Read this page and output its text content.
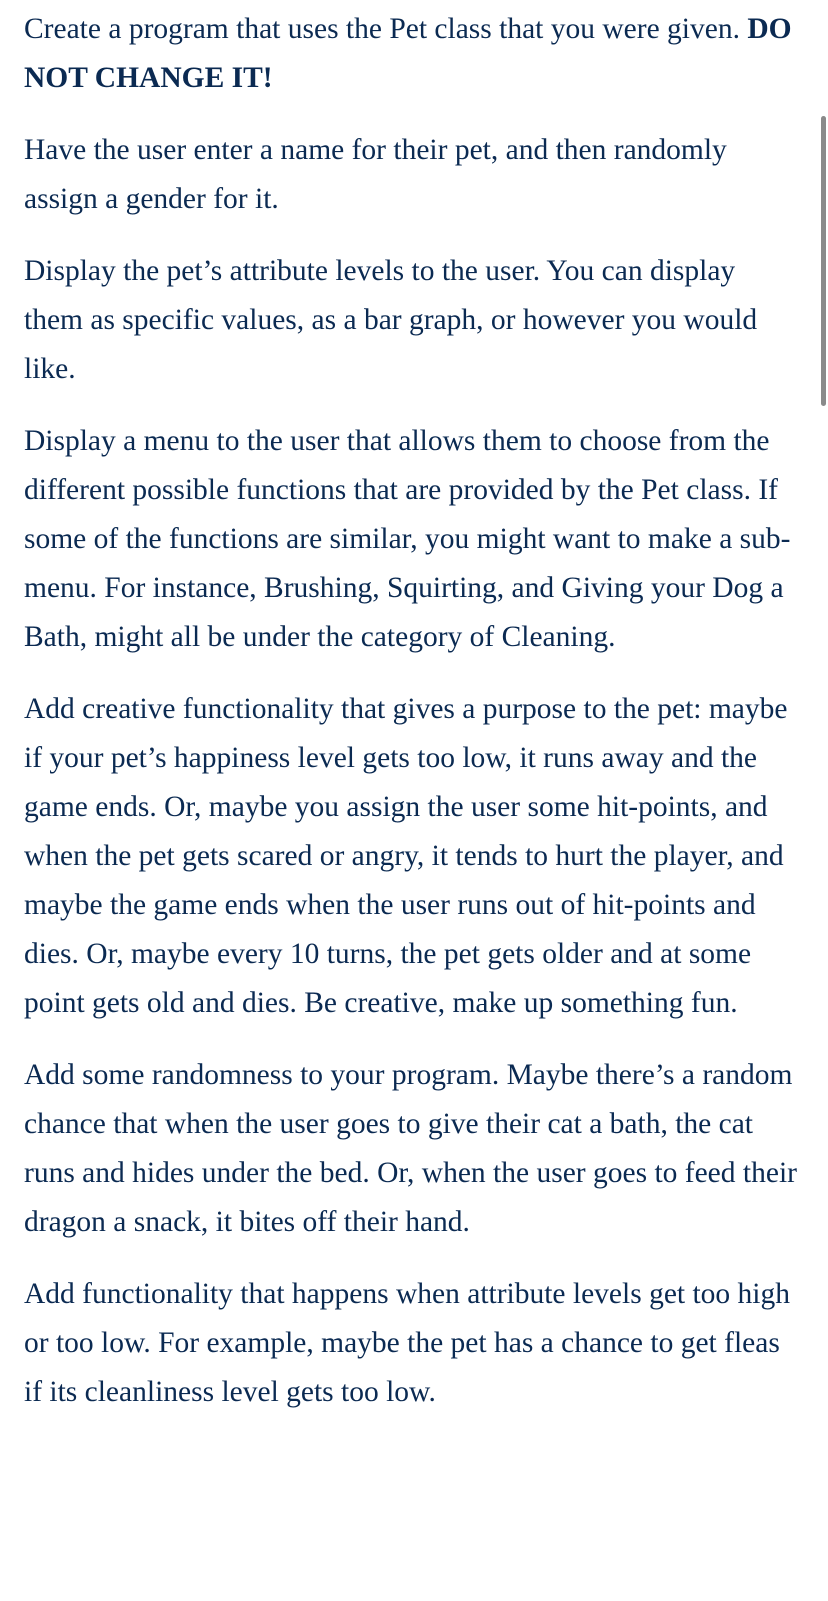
Create a program that uses the Pet class that you were given. DO NOT CHANGE IT!

Have the user enter a name for their pet, and then randomly assign a gender for it.

Display the pet’s attribute levels to the user. You can display them as specific values, as a bar graph, or however you would like.

Display a menu to the user that allows them to choose from the different possible functions that are provided by the Pet class. If some of the functions are similar, you might want to make a sub-menu. For instance, Brushing, Squirting, and Giving your Dog a Bath, might all be under the category of Cleaning.

Add creative functionality that gives a purpose to the pet: maybe if your pet’s happiness level gets too low, it runs away and the game ends. Or, maybe you assign the user some hit-points, and when the pet gets scared or angry, it tends to hurt the player, and maybe the game ends when the user runs out of hit-points and dies. Or, maybe every 10 turns, the pet gets older and at some point gets old and dies. Be creative, make up something fun.

Add some randomness to your program. Maybe there’s a random chance that when the user goes to give their cat a bath, the cat runs and hides under the bed. Or, when the user goes to feed their dragon a snack, it bites off their hand.

Add functionality that happens when attribute levels get too high or too low. For example, maybe the pet has a chance to get fleas if its cleanliness level gets too low.
